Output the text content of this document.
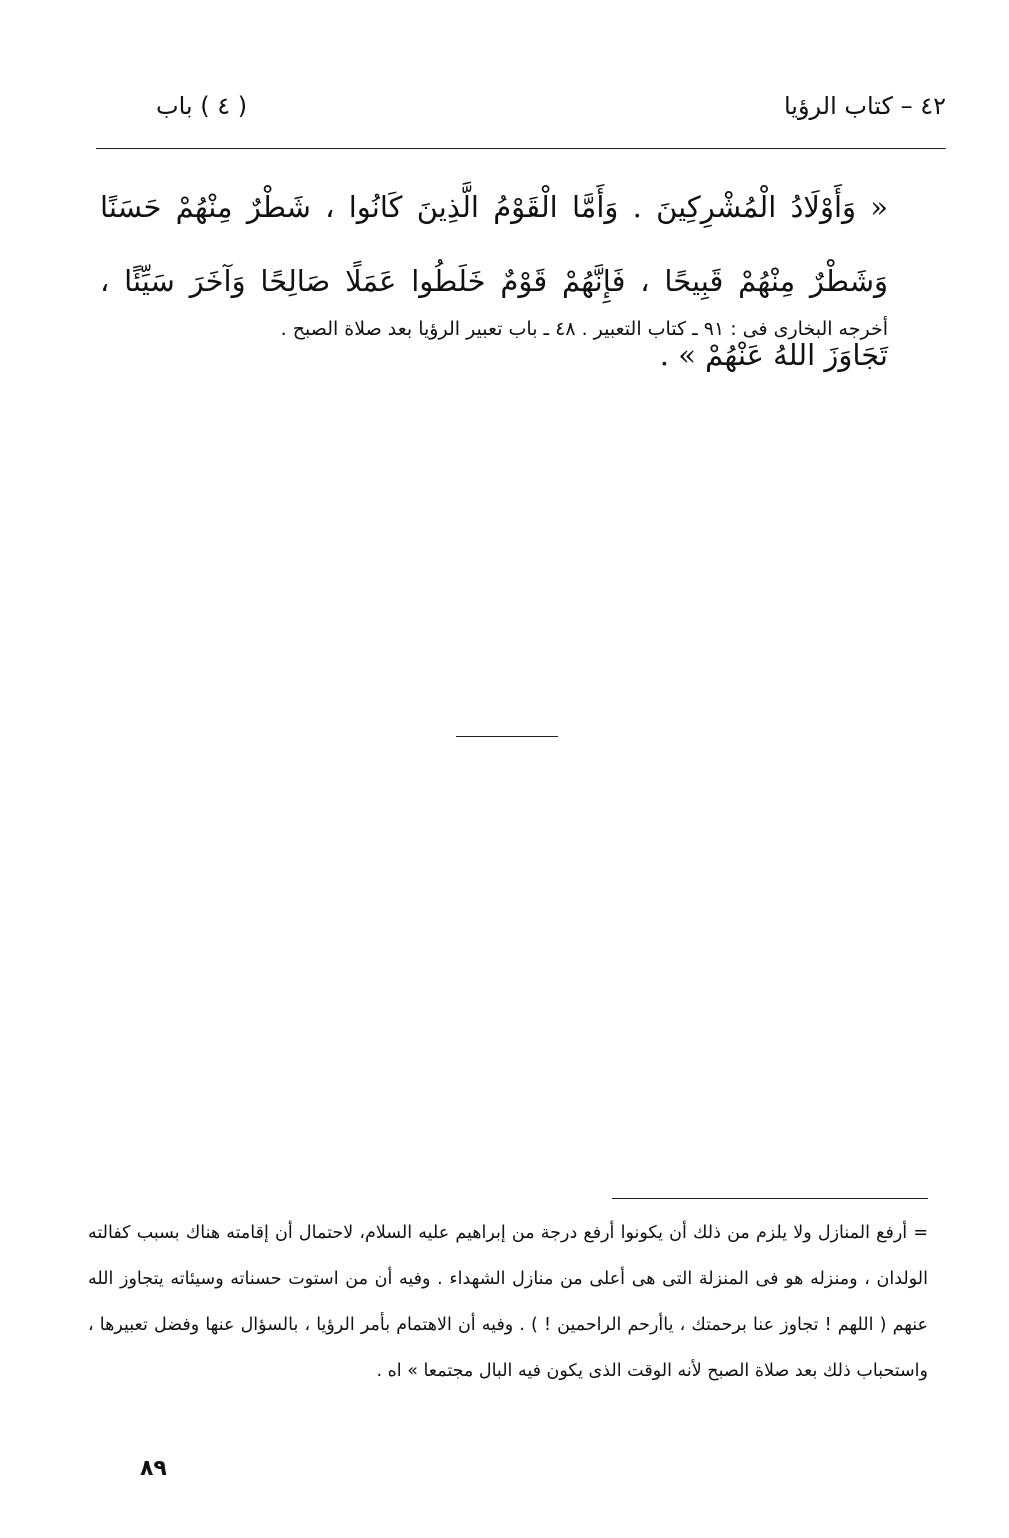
٤٢ – كتاب الرؤيا
( ٤ ) باب

« وَأَوْلَادُ الْمُشْرِكِينَ . وَأَمَّا الْقَوْمُ الَّذِينَ كَانُوا ، شَطْرٌ مِنْهُمْ حَسَنًا وَشَطْرٌ مِنْهُمْ قَبِيحًا ، فَإِنَّهُمْ قَوْمٌ خَلَطُوا عَمَلًا صَالِحًا وَآخَرَ سَيِّئًا ، تَجَاوَزَ اللهُ عَنْهُمْ » .

أخرجه البخارى فى : ٩١ ـ كتاب التعبير . ٤٨ ـ باب تعبير الرؤيا بعد صلاة الصبح .

= أرفع المنازل ولا يلزم من ذلك أن يكونوا أرفع درجة من إبراهيم عليه السلام، لاحتمال أن إقامته هناك بسبب كفالته الولدان ، ومنزله هو فى المنزلة التى هى أعلى من منازل الشهداء . وفيه أن من استوت حسناته وسيئاته يتجاوز الله عنهم ( اللهم ! تجاوز عنا برحمتك ، ياأرحم الراحمين ! ) . وفيه أن الاهتمام بأمر الرؤيا ، بالسؤال عنها وفضل تعبيرها ، واستحباب ذلك بعد صلاة الصبح لأنه الوقت الذى يكون فيه البال مجتمعا » اه .

٨٩
